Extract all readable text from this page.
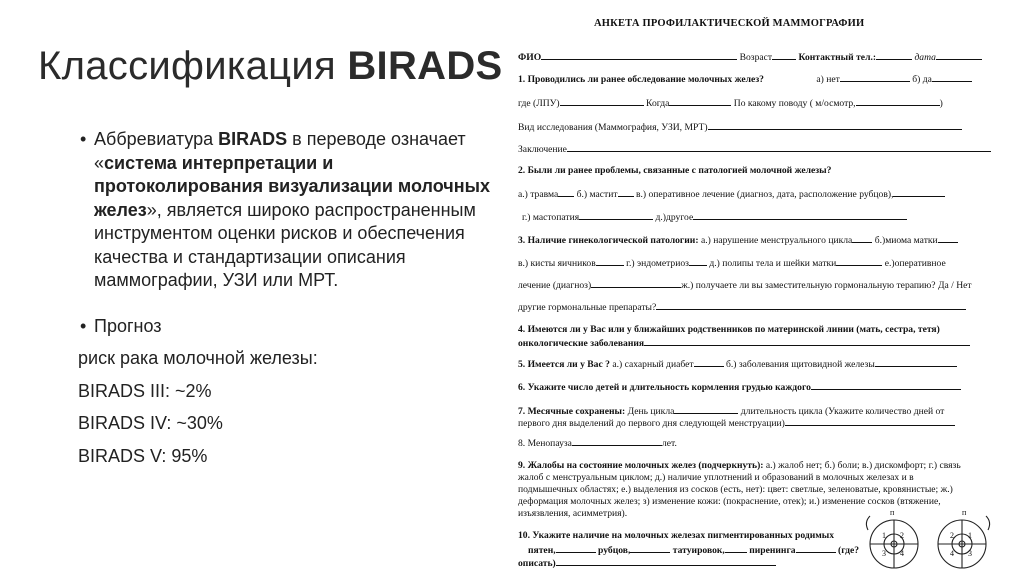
Классификация BIRADS
• Аббревиатура BIRADS в переводе означает «система интерпретации и протоколирования визуализации молочных желез», является широко распространенным инструментом оценки рисков и обеспечения качества и стандартизации описания маммографии, УЗИ или МРТ.
• Прогноз
риск рака молочной железы:
BIRADS III: ~2%
BIRADS IV: ~30%
BIRADS V: 95%
АНКЕТА ПРОФИЛАКТИЧЕСКОЙ МАММОГРАФИИ
ФИО	Возраст	Контактный тел.:	дата
1. Проводились ли ранее обследование молочных желез?	а) нет	б) да
где (ЛПУ)	Когда	По какому поводу ( м/осмотр,	)
Вид исследования (Маммография, УЗИ, МРТ)
Заключение
2. Были ли ранее проблемы, связанные с патологией молочной железы?
а.) травма б.) мастит в.) оперативное лечение (диагноз, дата, расположение рубцов),
г.) мастопатия	д.)другое
3. Наличие гинекологической патологии: а.) нарушение менструального цикла б.)миома матки
в.) кисты яичников	г.) эндометриоз д.) полипы тела и шейки матки	е.)оперативное
лечение (диагноз)	ж.) получаете ли вы заместительную гормональную терапию? Да / Нет
другие гормональные препараты?
4. Имеются ли у Вас или у ближайших родственников по материнской линии (мать, сестра, тетя)
онкологические заболевания
5. Имеется ли у Вас ? а.) сахарный диабет	б.) заболевания щитовидной железы
6. Укажите число детей и длительность кормления грудью каждого
7. Месячные сохранены: День цикла	длительность цикла (Укажите количество дней от
первого дня выделений до первого дня следующей менструации)
8. Менопауза	лет.
9. Жалобы на состояние молочных желез (подчеркнуть): а.) жалоб нет; б.) боли; в.) дискомфорт; г.) связь
жалоб с менструальным циклом; д.) наличие уплотнений и образований в молочных железах и в
подмышечных областях; е.) выделения из сосков (есть, нет): цвет: светлые, зеленоватые, кровянистые; ж.)
деформация молочных желез; з) изменение кожи: (покраснение, отек); и.) изменение сосков (втяжение,
изъязвления, асимметрия).
10. Укажите наличие на молочных железах пигментированных родимых
пятен,	рубцов,	татуировок,	пиренинга	(где?
описать)
1 2
3 4
п
2 1
4 3
п
